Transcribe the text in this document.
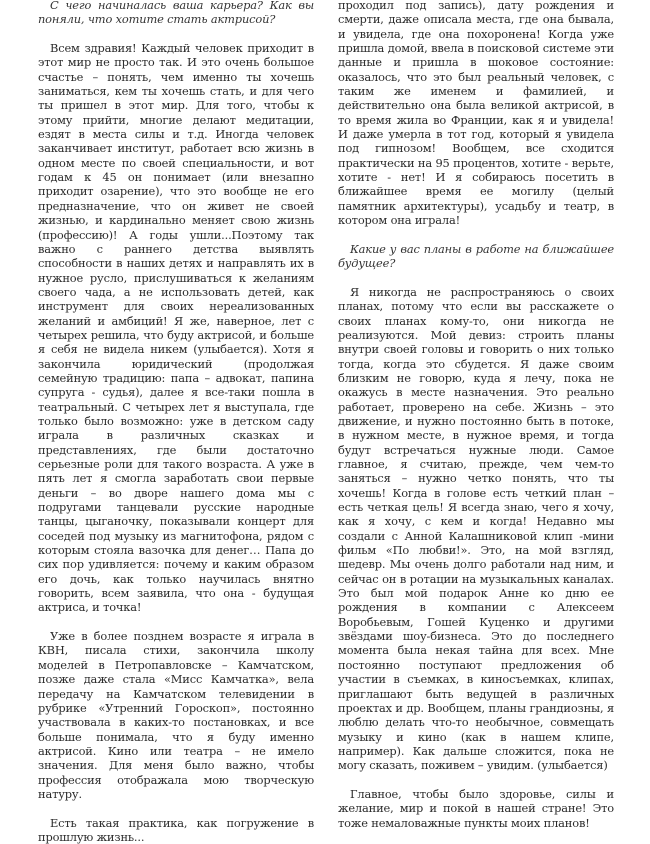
С чего начиналась ваша карьера? Как вы поняли, что хотите стать актрисой?

Всем здравия! Каждый человек приходит в этот мир не просто так. И это очень большое счастье – понять, чем именно ты хочешь заниматься, кем ты хочешь стать, и для чего ты пришел в этот мир. Для того, чтобы к этому прийти, многие делают медитации, ездят в места силы и т.д. Иногда человек заканчивает институт, работает всю жизнь в одном месте по своей специальности, и вот годам к 45 он понимает (или внезапно приходит озарение), что это вообще не его предназначение, что он живет не своей жизнью, и кардинально меняет свою жизнь (профессию)! А годы ушли...Поэтому так важно с раннего детства выявлять способности в наших детях и направлять их в нужное русло, прислушиваться к желаниям своего чада, а не использовать детей, как инструмент для своих нереализованных желаний и амбиций! Я же, наверное, лет с четырех решила, что буду актрисой, и больше я себя не видела никем (улыбается). Хотя я закончила юридический (продолжая семейную традицию: папа – адвокат, папина супруга - судья), далее я все-таки пошла в театральный. С четырех лет я выступала, где только было возможно: уже в детском саду играла в различных сказках и представлениях, где были достаточно серьезные роли для такого возраста. А уже в пять лет я смогла заработать свои первые деньги – во дворе нашего дома мы с подругами танцевали русские народные танцы, цыганочку, показывали концерт для соседей под музыку из магнитофона, рядом с которым стояла вазочка для денег… Папа до сих пор удивляется: почему и каким образом его дочь, как только научилась внятно говорить, всем заявила, что она - будущая актриса, и точка!

Уже в более позднем возрасте я играла в КВН, писала стихи, закончила школу моделей в Петропавловске – Камчатском, позже даже стала «Мисс Камчатка», вела передачу на Камчатском телевидении в рубрике «Утренний Гороскоп», постоянно участвовала в каких-то постановках, и все больше понимала, что я буду именно актрисой. Кино или театра – не имело значения. Для меня было важно, чтобы профессия отображала мою творческую натуру.

Есть такая практика, как погружение в прошлую жизнь...

проходил под запись), дату рождения и смерти, даже описала места, где она бывала, и увидела, где она похоронена! Когда уже пришла домой, ввела в поисковой системе эти данные и пришла в шоковое состояние: оказалось, что это был реальный человек, с таким же именем и фамилией, и действительно она была великой актрисой, в то время жила во Франции, как я и увидела! И даже умерла в тот год, который я увидела под гипнозом! Вообщем, все сходится практически на 95 процентов, хотите - верьте, хотите - нет! И я собираюсь посетить в ближайшее время ее могилу (целый памятник архитектуры), усадьбу и театр, в котором она играла!

Какие у вас планы в работе на ближайшее будущее?

Я никогда не распространяюсь о своих планах, потому что если вы расскажете о своих планах кому-то, они никогда не реализуются. Мой девиз: строить планы внутри своей головы и говорить о них только тогда, когда это сбудется. Я даже своим близким не говорю, куда я лечу, пока не окажусь в месте назначения. Это реально работает, проверено на себе. Жизнь – это движение, и нужно постоянно быть в потоке, в нужном месте, в нужное время, и тогда будут встречаться нужные люди. Самое главное, я считаю, прежде, чем чем-то заняться – нужно четко понять, что ты хочешь! Когда в голове есть четкий план – есть четкая цель! Я всегда знаю, чего я хочу, как я хочу, с кем и когда! Недавно мы создали с Анной Калашниковой клип -мини фильм «По любви!». Это, на мой взгляд, шедевр. Мы очень долго работали над ним, и сейчас он в ротации на музыкальных каналах. Это был мой подарок Анне ко дню ее рождения в компании с Алексеем Воробьевым, Гошей Куценко и другими звёздами шоу-бизнеса. Это до последнего момента была некая тайна для всех. Мне постоянно поступают предложения об участии в съемках, в киносъемках, клипах, приглашают быть ведущей в различных проектах и др. Вообщем, планы грандиозны, я люблю делать что-то необычное, совмещать музыку и кино (как в нашем клипе, например). Как дальше сложится, пока не могу сказать, поживем – увидим. (улыбается)

Главное, чтобы было здоровье, силы и желание, мир и покой в нашей стране! Это тоже немаловажные пункты моих планов!
